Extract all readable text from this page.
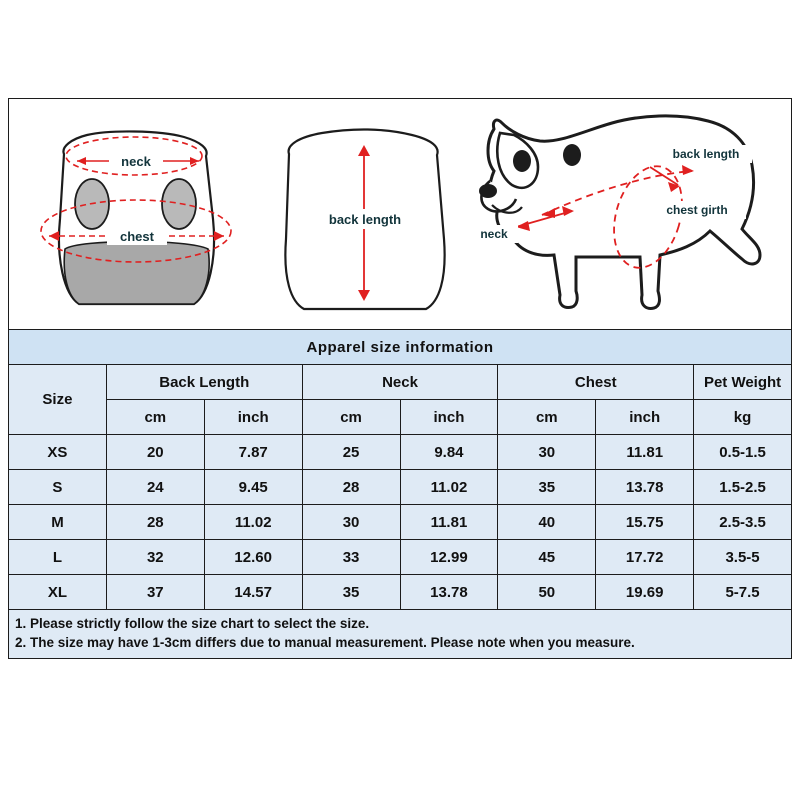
neck
chest
back length
back length
neck
chest girth
Apparel size information							
Size	Back Length		Neck		Chest		Pet Weight
	cm	inch	cm	inch	cm	inch	kg
XS	20	7.87	25	9.84	30	11.81	0.5-1.5
S	24	9.45	28	11.02	35	13.78	1.5-2.5
M	28	11.02	30	11.81	40	15.75	2.5-3.5
L	32	12.60	33	12.99	45	17.72	3.5-5
XL	37	14.57	35	13.78	50	19.69	5-7.5
1. Please strictly follow the size chart to select the size.
2. The size may have 1-3cm differs due to manual measurement. Please note when you measure.
